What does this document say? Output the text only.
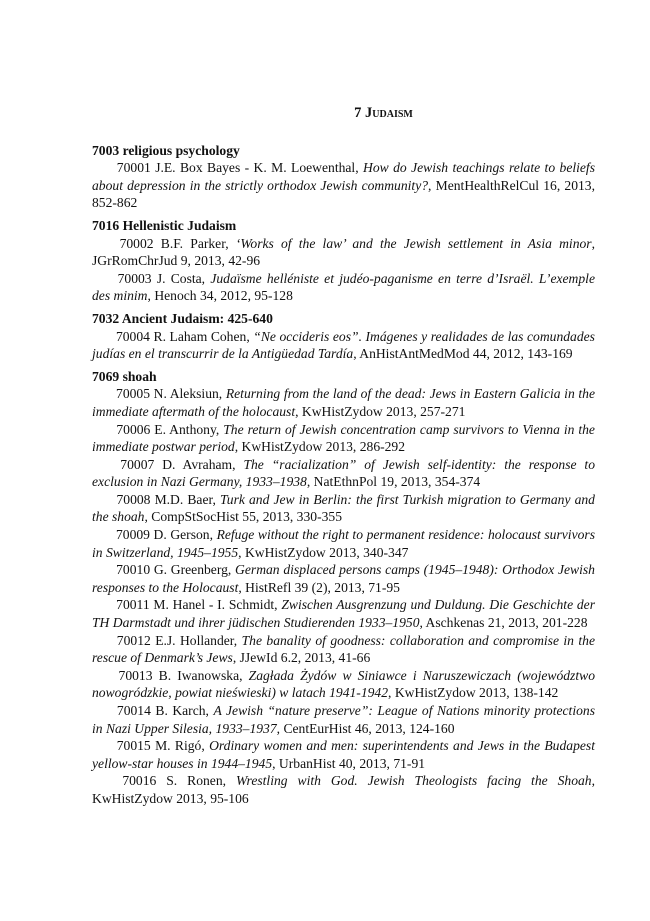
7 Judaism
7003 religious psychology
   70001 J.E. Box Bayes - K. M. Loewenthal, How do Jewish teachings relate to beliefs about depression in the strictly orthodox Jewish community?, MentHealthRelCul 16, 2013, 852-862
7016 Hellenistic Judaism
   70002 B.F. Parker, ‘Works of the law’ and the Jewish settlement in Asia minor, JGrRomChrJud 9, 2013, 42-96
   70003 J. Costa, Judaïsme helléniste et judéo-paganisme en terre d’Israël. L’exemple des minim, Henoch 34, 2012, 95-128
7032 Ancient Judaism: 425-640
   70004 R. Laham Cohen, “Ne occideris eos”. Imágenes y realidades de las comundades judías en el transcurrir de la Antigüedad Tardía, AnHistAntMedMod 44, 2012, 143-169
7069 shoah
   70005 N. Aleksiun, Returning from the land of the dead: Jews in Eastern Galicia in the immediate aftermath of the holocaust, KwHistZydow 2013, 257-271
   70006 E. Anthony, The return of Jewish concentration camp survivors to Vienna in the immediate postwar period, KwHistZydow 2013, 286-292
   70007 D. Avraham, The “racialization” of Jewish self-identity: the response to exclusion in Nazi Germany, 1933–1938, NatEthnPol 19, 2013, 354-374
   70008 M.D. Baer, Turk and Jew in Berlin: the first Turkish migration to Germany and the shoah, CompStSocHist 55, 2013, 330-355
   70009 D. Gerson, Refuge without the right to permanent residence: holocaust survivors in Switzerland, 1945–1955, KwHistZydow 2013, 340-347
   70010 G. Greenberg, German displaced persons camps (1945–1948): Orthodox Jewish responses to the Holocaust, HistRefl 39 (2), 2013, 71-95
   70011 M. Hanel - I. Schmidt, Zwischen Ausgrenzung und Duldung. Die Geschichte der TH Darmstadt und ihrer jüdischen Studierenden 1933–1950, Aschkenas 21, 2013, 201-228
   70012 E.J. Hollander, The banality of goodness: collaboration and compromise in the rescue of Denmark’s Jews, JJewId 6.2, 2013, 41-66
   70013 B. Iwanowska, Zagłada Żydów w Siniawce i Naruszewiczach (województwo nowogródzkie, powiat nieświeski) w latach 1941-1942, KwHistZydow 2013, 138-142
   70014 B. Karch, A Jewish “nature preserve”: League of Nations minority protections in Nazi Upper Silesia, 1933–1937, CentEurHist 46, 2013, 124-160
   70015 M. Rigó, Ordinary women and men: superintendents and Jews in the Budapest yellow-star houses in 1944–1945, UrbanHist 40, 2013, 71-91
   70016 S. Ronen, Wrestling with God. Jewish Theologists facing the Shoah, KwHistZydow 2013, 95-106
